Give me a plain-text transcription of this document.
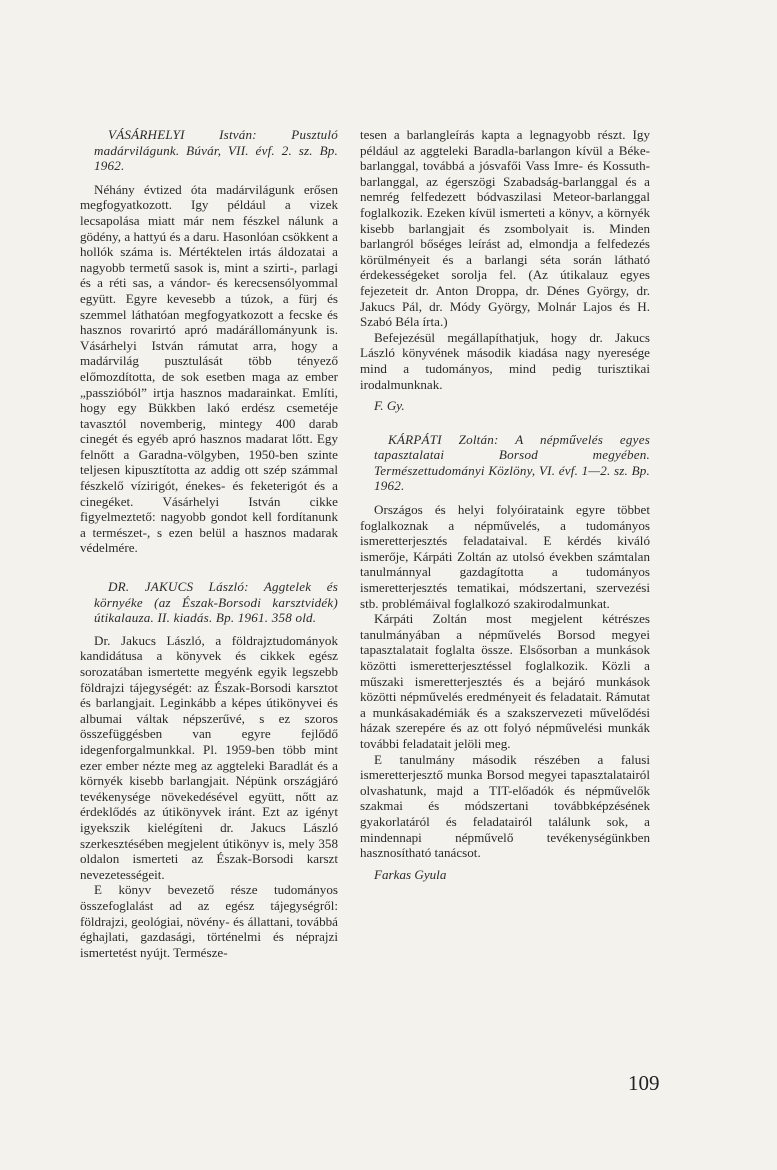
VÁSÁRHELYI István: Pusztuló madárvilágunk. Búvár, VII. évf. 2. sz. Bp. 1962.

Néhány évtized óta madárvilágunk erősen megfogyatkozott. Igy például a vizek lecsapolása miatt már nem fészkel nálunk a gödény, a hattyú és a daru. Hasonlóan csökkent a hollók száma is. Mértéktelen irtás áldozatai a nagyobb termetű sasok is, mint a szirti-, parlagi és a réti sas, a vándor- és kerecsensólyommal együtt. Egyre kevesebb a túzok, a fürj és szemmel láthatóan megfogyatkozott a fecske és hasznos rovarirtó apró madárállományunk is. Vásárhelyi István rámutat arra, hogy a madárvilág pusztulását több tényező előmozdította, de sok esetben maga az ember „passzióból” irtja hasznos madarainkat. Említi, hogy egy Bükkben lakó erdész csemetéje tavasztól novemberig, mintegy 400 darab cinegét és egyéb apró hasznos madarat lőtt. Egy felnőtt a Garadna-völgyben, 1950-ben szinte teljesen kipusztította az addig ott szép számmal fészkelő vízirigót, énekes- és feketerigót és a cinegéket. Vásárhelyi István cikke figyelmeztető: nagyobb gondot kell fordítanunk a természet-, s ezen belül a hasznos madarak védelmére.

DR. JAKUCS László: Aggtelek és környéke (az Észak-Borsodi karsztvidék) útikalauza. II. kiadás. Bp. 1961. 358 old.

Dr. Jakucs László, a földrajztudományok kandidátusa a könyvek és cikkek egész sorozatában ismertette megyénk egyik legszebb földrajzi tájegységét: az Észak-Borsodi karsztot és barlangjait. Leginkább a képes útikönyvei és albumai váltak népszerűvé, s ez szoros összefüggésben van egyre fejlődő idegenforgalmunkkal. Pl. 1959-ben több mint ezer ember nézte meg az aggteleki Baradlát és a környék kisebb barlangjait. Népünk országjáró tevékenysége növekedésével együtt, nőtt az érdeklődés az útikönyvek iránt. Ezt az igényt igyekszik kielégíteni dr. Jakucs László szerkesztésében megjelent útikönyv is, mely 358 oldalon ismerteti az Észak-Borsodi karszt nevezetességeit.

E könyv bevezető része tudományos összefoglalást ad az egész tájegységről: földrajzi, geológiai, növény- és állattani, továbbá éghajlati, gazdasági, történelmi és néprajzi ismertetést nyújt. Természe-

tesen a barlangleírás kapta a legnagyobb részt. Igy például az aggteleki Baradla-barlangon kívül a Béke-barlanggal, továbbá a jósvafői Vass Imre- és Kossuth-barlanggal, az égerszögi Szabadság-barlanggal és a nemrég felfedezett bódvaszilasi Meteor-barlanggal foglalkozik. Ezeken kívül ismerteti a könyv, a környék kisebb barlangjait és zsombolyait is. Minden barlangról bőséges leírást ad, elmondja a felfedezés körülményeit és a barlangi séta során látható érdekességeket sorolja fel. (Az útikalauz egyes fejezeteit dr. Anton Droppa, dr. Dénes György, dr. Jakucs Pál, dr. Módy György, Molnár Lajos és H. Szabó Béla írta.)

Befejezésül megállapíthatjuk, hogy dr. Jakucs László könyvének második kiadása nagy nyeresége mind a tudományos, mind pedig turisztikai irodalmunknak.

F. Gy.

KÁRPÁTI Zoltán: A népművelés egyes tapasztalatai Borsod megyében. Természettudományi Közlöny, VI. évf. 1—2. sz. Bp. 1962.

Országos és helyi folyóirataink egyre többet foglalkoznak a népművelés, a tudományos ismeretterjesztés feladataival. E kérdés kiváló ismerője, Kárpáti Zoltán az utolsó években számtalan tanulmánnyal gazdagította a tudományos ismeretterjesztés tematikai, módszertani, szervezési stb. problémáival foglalkozó szakirodalmunkat.

Kárpáti Zoltán most megjelent kétrészes tanulmányában a népművelés Borsod megyei tapasztalatait foglalta össze. Elsősorban a munkások közötti ismeretterjesztéssel foglalkozik. Közli a műszaki ismeretterjesztés és a bejáró munkások közötti népművelés eredményeit és feladatait. Rámutat a munkásakadémiák és a szakszervezeti művelődési házak szerepére és az ott folyó népművelési munkák további feladatait jelöli meg.

E tanulmány második részében a falusi ismeretterjesztő munka Borsod megyei tapasztalatairól olvashatunk, majd a TIT-előadók és népművelők szakmai és módszertani továbbképzésének gyakorlatáról és feladatairól találunk sok, a mindennapi népművelő tevékenységünkben hasznosítható tanácsot.

Farkas Gyula

109
